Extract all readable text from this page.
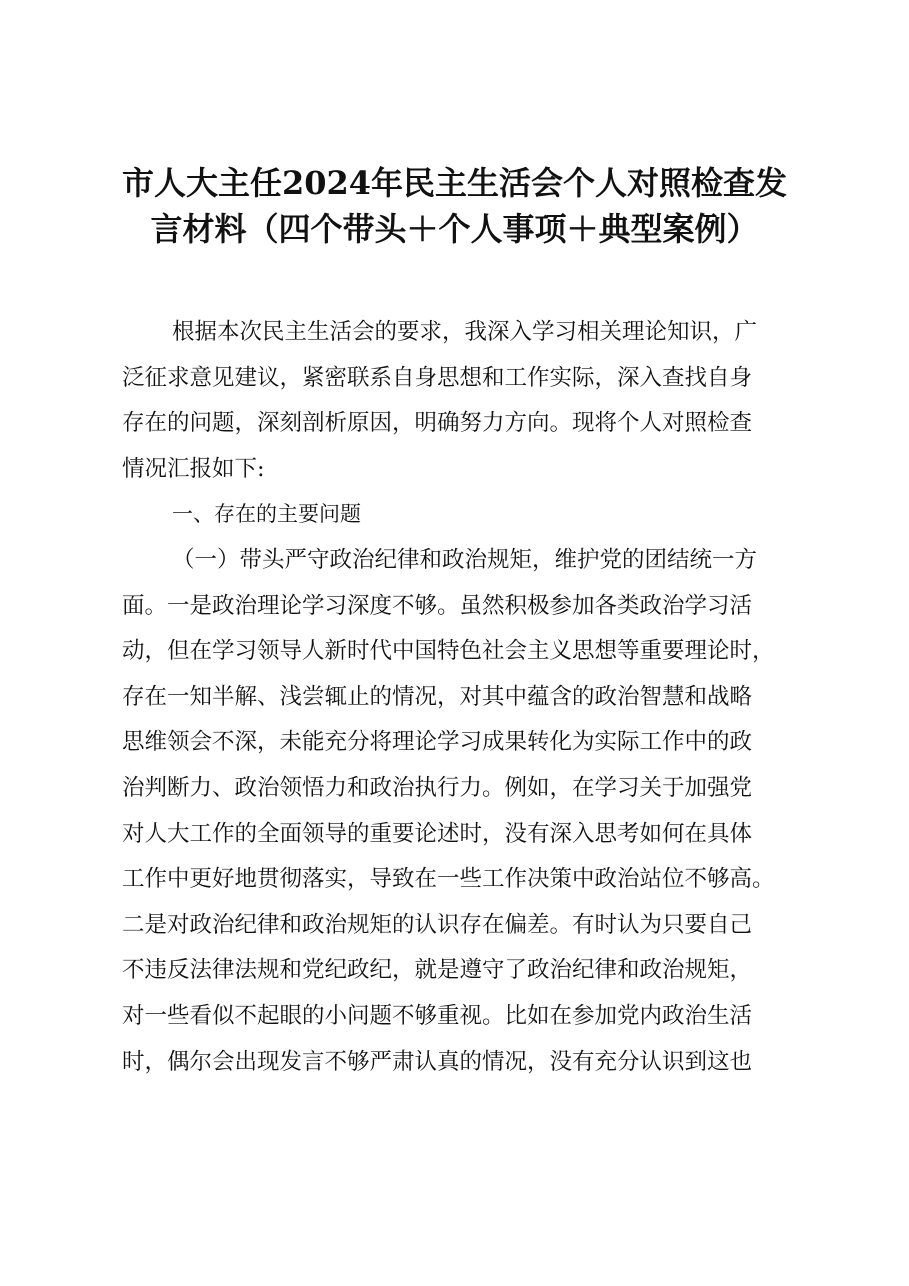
市人大主任2024年民主生活会个人对照检查发
言材料（四个带头＋个人事项＋典型案例）
根据本次民主生活会的要求，我深入学习相关理论知识，广
泛征求意见建议，紧密联系自身思想和工作实际，深入查找自身
存在的问题，深刻剖析原因，明确努力方向。现将个人对照检查
情况汇报如下:
一、存在的主要问题
（一）带头严守政治纪律和政治规矩，维护党的团结统一方
面。一是政治理论学习深度不够。虽然积极参加各类政治学习活
动，但在学习领导人新时代中国特色社会主义思想等重要理论时，
存在一知半解、浅尝辄止的情况，对其中蕴含的政治智慧和战略
思维领会不深，未能充分将理论学习成果转化为实际工作中的政
治判断力、政治领悟力和政治执行力。例如，在学习关于加强党
对人大工作的全面领导的重要论述时，没有深入思考如何在具体
工作中更好地贯彻落实，导致在一些工作决策中政治站位不够高。
二是对政治纪律和政治规矩的认识存在偏差。有时认为只要自己
不违反法律法规和党纪政纪，就是遵守了政治纪律和政治规矩，
对一些看似不起眼的小问题不够重视。比如在参加党内政治生活
时，偶尔会出现发言不够严肃认真的情况，没有充分认识到这也
